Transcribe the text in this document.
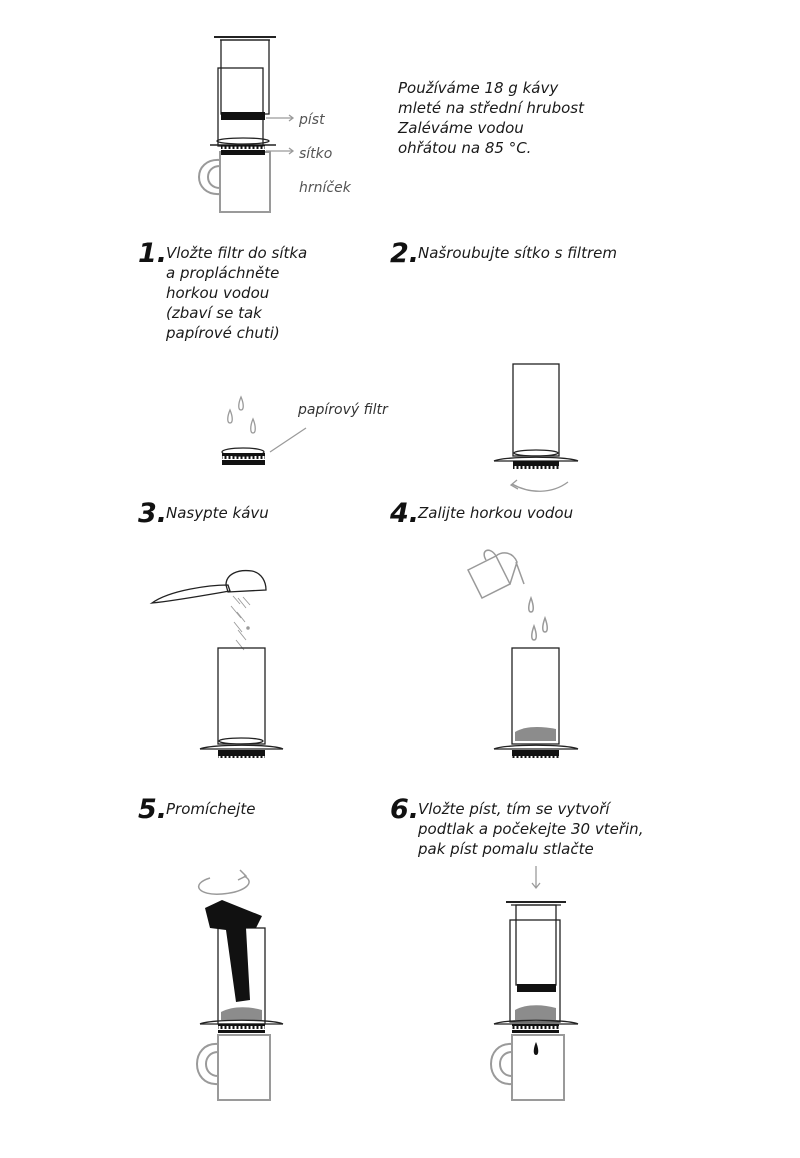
Používáme 18 g kávy
mleté na střední hrubost
Zaléváme vodou
ohřátou na 85 °C.
píst
sítko
hrníček
papírový filtr
1.
Vložte filtr do sítka
a propláchněte
horkou vodou
(zbaví se tak
papírové chuti)
2.
Našroubujte sítko s filtrem
3.
Nasypte kávu	4.
Zalijte horkou vodou
5.
Promíchejte	6.
Vložte píst, tím se vytvoří
podtlak a počekejte 30 vteřin,
pak píst pomalu stlačte
